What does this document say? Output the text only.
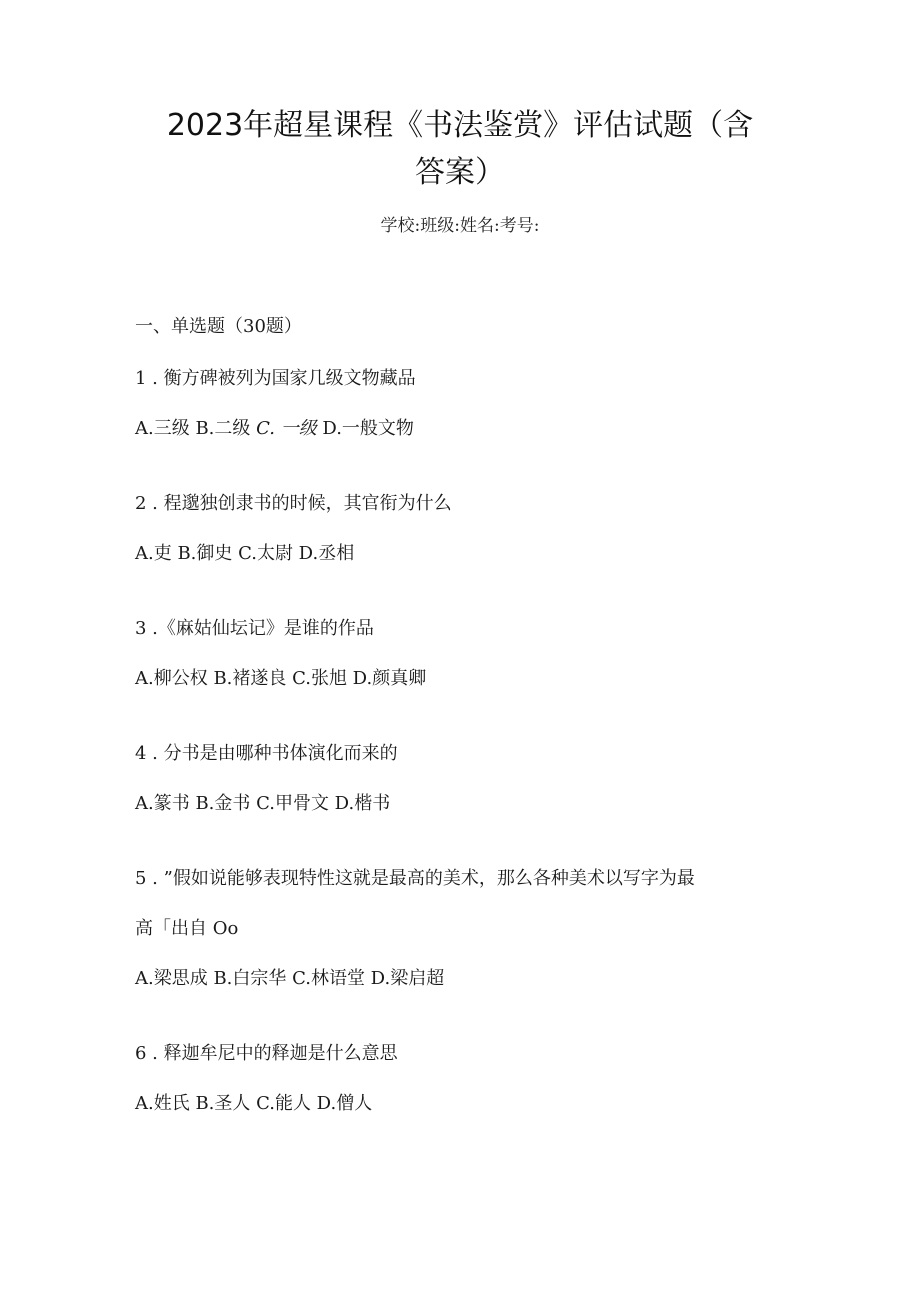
2023年超星课程《书法鉴赏》评估试题（含
答案）
学校:班级:姓名:考号:
一、单选题（30题）
1 . 衡方碑被列为国家几级文物藏品
A.三级 B.二级 C. 一级 D.一般文物
2 . 程邈独创隶书的时候，其官衔为什么
A.吏 B.御史 C.太尉 D.丞相
3 .《麻姑仙坛记》是谁的作品
A.柳公权 B.褚遂良 C.张旭 D.颜真卿
4 . 分书是由哪种书体演化而来的
A.篆书 B.金书 C.甲骨文 D.楷书
5 . ”假如说能够表现特性这就是最高的美术，那么各种美术以写字为最
高「出自 Oo
A.梁思成 B.白宗华 C.林语堂 D.梁启超
6 . 释迦牟尼中的释迦是什么意思
A.姓氏 B.圣人 C.能人 D.僧人
